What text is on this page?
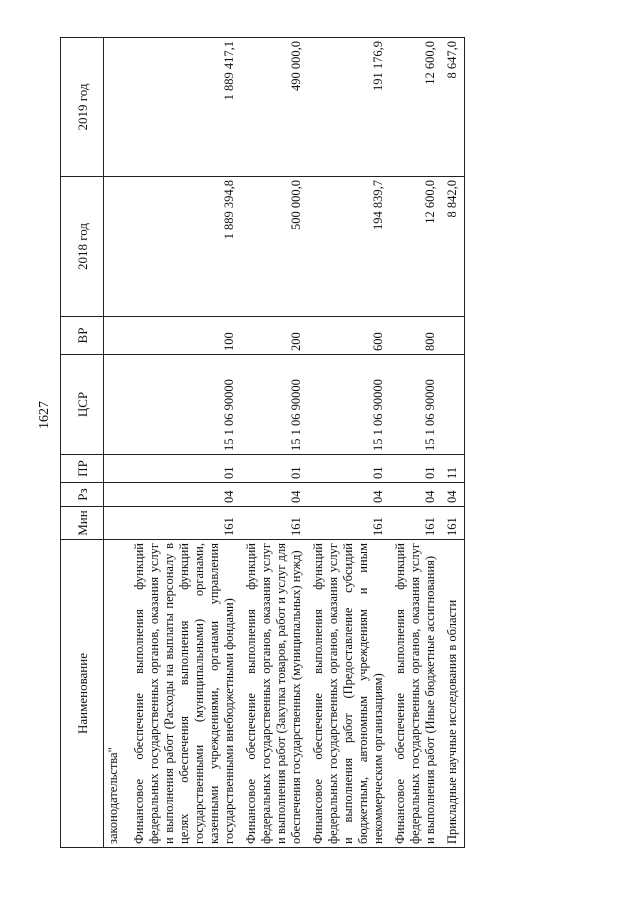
1627
Наименование	Мин	Рз	ПР	ЦСР	ВР	2018 год	2019 год
законодательства"							
Финансовое обеспечение выполнения функций федеральных государственных органов, оказания услуг и выполнения работ (Расходы на выплаты персоналу в целях обеспечения выполнения функций государственными (муниципальными) органами, казенными учреждениями, органами управления государственными внебюджетными фондами)	161	04	01	15 1 06 90000	100	1 889 394,8	1 889 417,1
Финансовое обеспечение выполнения функций федеральных государственных органов, оказания услуг и выполнения работ (Закупка товаров, работ и услуг для обеспечения государственных (муниципальных) нужд)	161	04	01	15 1 06 90000	200	500 000,0	490 000,0
Финансовое обеспечение выполнения функций федеральных государственных органов, оказания услуг и выполнения работ (Предоставление субсидий бюджетным, автономным учреждениям и иным некоммерческим организациям)	161	04	01	15 1 06 90000	600	194 839,7	191 176,9
Финансовое обеспечение выполнения функций федеральных государственных органов, оказания услуг и выполнения работ (Иные бюджетные ассигнования)	161	04	01	15 1 06 90000	800	12 600,0	12 600,0
Прикладные научные исследования в области	161	04	11			8 842,0	8 647,0
